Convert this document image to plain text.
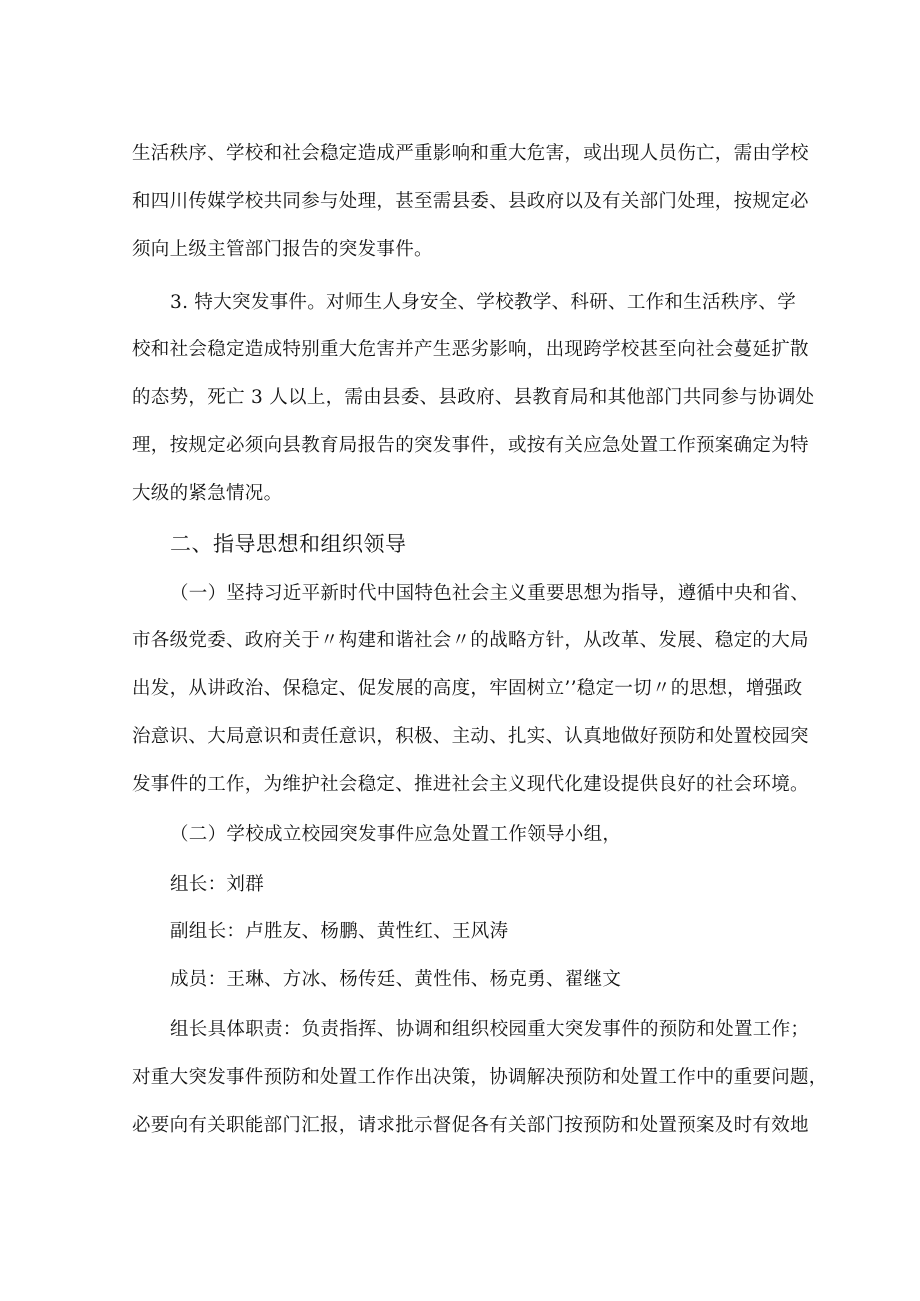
生活秩序、学校和社会稳定造成严重影响和重大危害，或出现人员伤亡，需由学校
和四川传媒学校共同参与处理，甚至需县委、县政府以及有关部门处理，按规定必
须向上级主管部门报告的突发事件。
3. 特大突发事件。对师生人身安全、学校教学、科研、工作和生活秩序、学
校和社会稳定造成特别重大危害并产生恶劣影响，出现跨学校甚至向社会蔓延扩散
的态势，死亡 3 人以上，需由县委、县政府、县教育局和其他部门共同参与协调处
理，按规定必须向县教育局报告的突发事件，或按有关应急处置工作预案确定为特
大级的紧急情况。
二、指导思想和组织领导
（一）坚持习近平新时代中国特色社会主义重要思想为指导，遵循中央和省、
市各级党委、政府关于〃构建和谐社会〃的战略方针，从改革、发展、稳定的大局
出发，从讲政治、保稳定、促发展的高度，牢固树立’’稳定一切〃的思想，增强政
治意识、大局意识和责任意识，积极、主动、扎实、认真地做好预防和处置校园突
发事件的工作，为维护社会稳定、推进社会主义现代化建设提供良好的社会环境。
（二）学校成立校园突发事件应急处置工作领导小组，
组长：刘群
副组长：卢胜友、杨鹏、黄性红、王风涛
成员：王琳、方冰、杨传廷、黄性伟、杨克勇、翟继文
组长具体职责：负责指挥、协调和组织校园重大突发事件的预防和处置工作；
对重大突发事件预防和处置工作作出决策，协调解决预防和处置工作中的重要问题，
必要向有关职能部门汇报，请求批示督促各有关部门按预防和处置预案及时有效地
